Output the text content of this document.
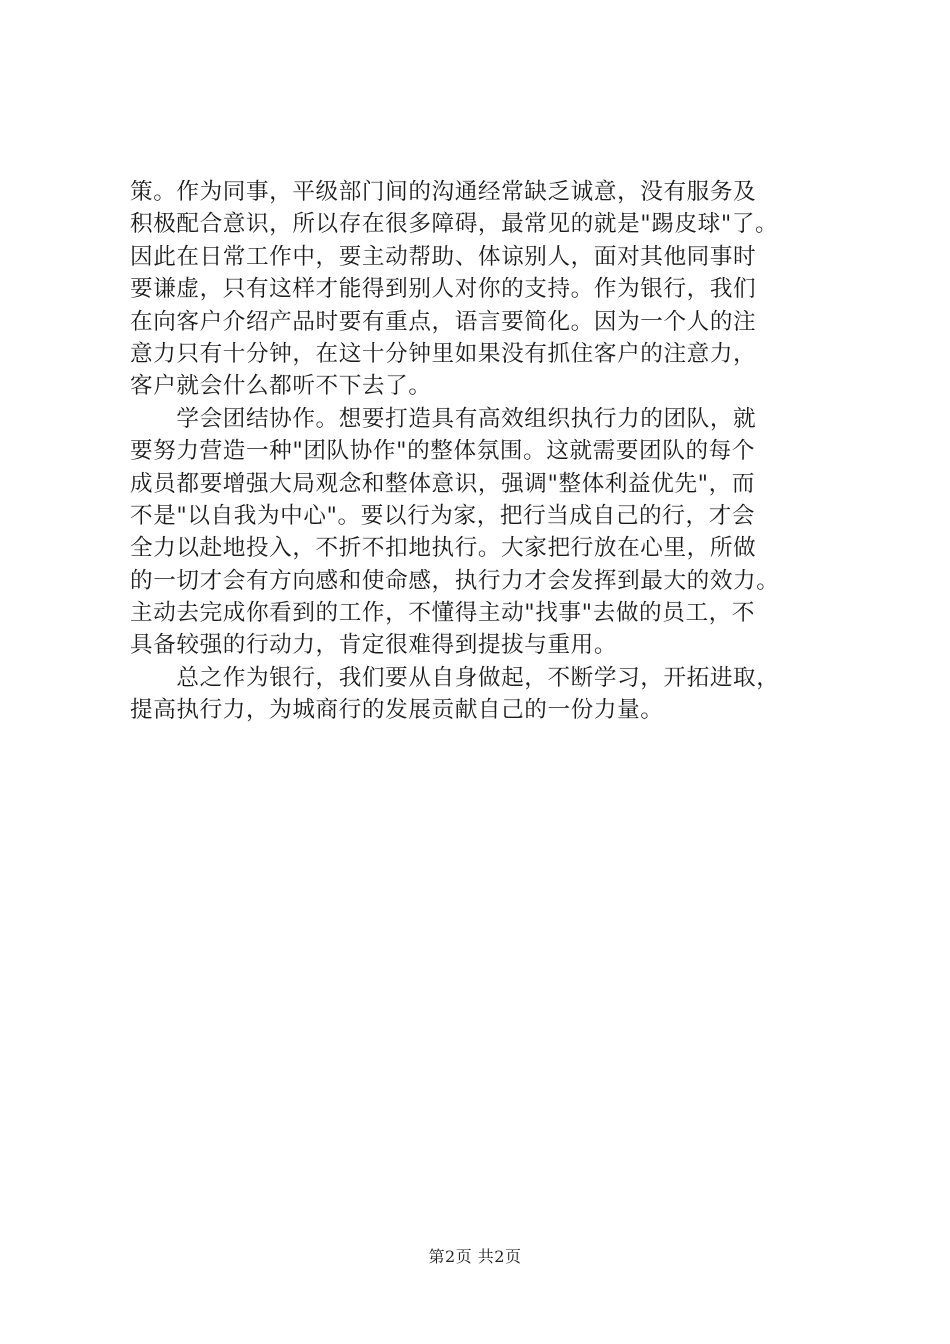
策。作为同事，平级部门间的沟通经常缺乏诚意，没有服务及
积极配合意识，所以存在很多障碍，最常见的就是"踢皮球"了。
因此在日常工作中，要主动帮助、体谅别人，面对其他同事时
要谦虚，只有这样才能得到别人对你的支持。作为银行，我们
在向客户介绍产品时要有重点，语言要简化。因为一个人的注
意力只有十分钟，在这十分钟里如果没有抓住客户的注意力，
客户就会什么都听不下去了。
　　学会团结协作。想要打造具有高效组织执行力的团队，就
要努力营造一种"团队协作"的整体氛围。这就需要团队的每个
成员都要增强大局观念和整体意识，强调"整体利益优先"，而
不是"以自我为中心"。要以行为家，把行当成自己的行，才会
全力以赴地投入，不折不扣地执行。大家把行放在心里，所做
的一切才会有方向感和使命感，执行力才会发挥到最大的效力。
主动去完成你看到的工作，不懂得主动"找事"去做的员工，不
具备较强的行动力，肯定很难得到提拔与重用。
　　总之作为银行，我们要从自身做起，不断学习，开拓进取，
提高执行力，为城商行的发展贡献自己的一份力量。
第2页 共2页
